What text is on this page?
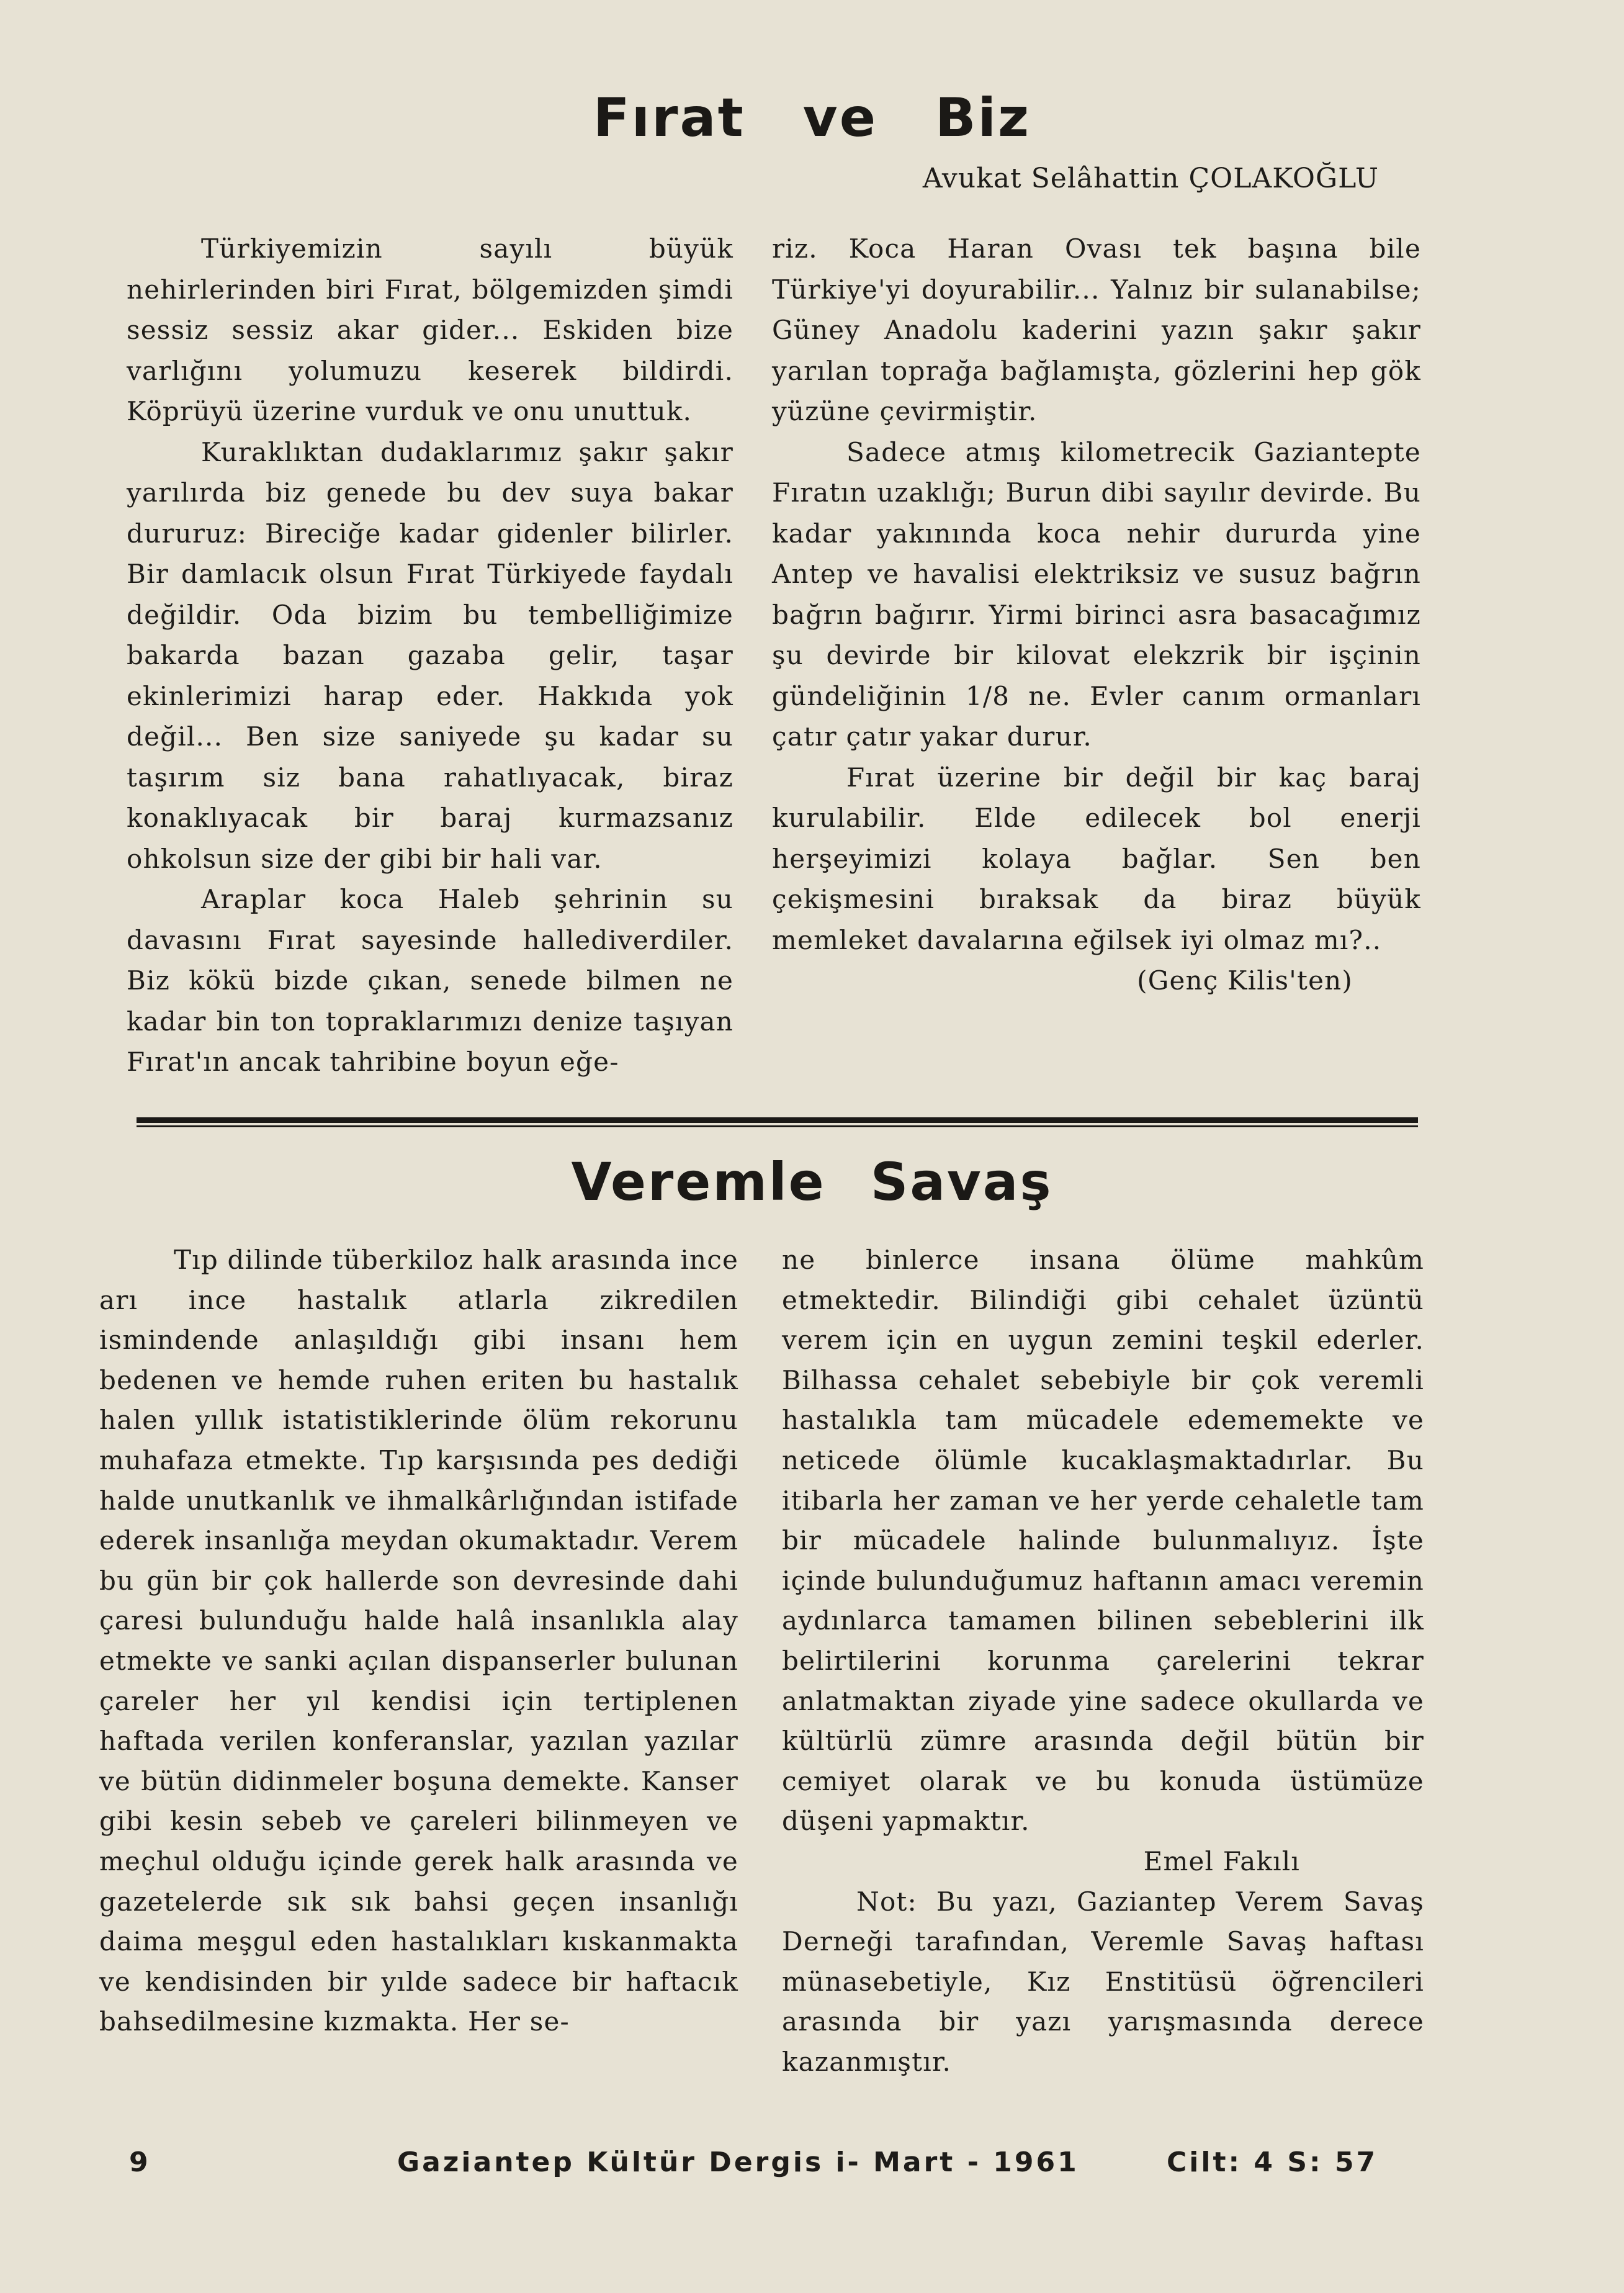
Fırat ve Biz
Avukat Selâhattin ÇOLAKOĞLU

Türkiyemizin sayılı büyük nehirlerinden biri Fırat, bölgemizden şimdi sessiz sessiz akar gider... Eskiden bize varlığını yolumuzu keserek bildirdi. Köprüyü üzerine vurduk ve onu unuttuk.

Kuraklıktan dudaklarımız şakır şakır yarılırda biz genede bu dev suya bakar dururuz: Bireciğe kadar gidenler bilirler. Bir damlacık olsun Fırat Türkiyede faydalı değildir. Oda bizim bu tembelliğimize bakarda bazan gazaba gelir, taşar ekinlerimizi harap eder. Hakkıda yok değil... Ben size saniyede şu kadar su taşırım siz bana rahatlıyacak, biraz konaklıyacak bir baraj kurmazsanız ohkolsun size der gibi bir hali var.

Araplar koca Haleb şehrinin su davasını Fırat sayesinde hallediverdiler. Biz kökü bizde çıkan, senede bilmen ne kadar bin ton topraklarımızı denize taşıyan Fırat'ın ancak tahribine boyun eğe-

riz. Koca Haran Ovası tek başına bile Türkiye'yi doyurabilir... Yalnız bir sulanabilse; Güney Anadolu kaderini yazın şakır şakır yarılan toprağa bağlamışta, gözlerini hep gök yüzüne çevirmiştir.

Sadece atmış kilometrecik Gaziantepte Fıratın uzaklığı; Burun dibi sayılır devirde. Bu kadar yakınında koca nehir dururda yine Antep ve havalisi elektriksiz ve susuz bağrın bağrın bağırır. Yirmi birinci asra basacağımız şu devirde bir kilovat elekzrik bir işçinin gündeliğinin 1/8 ne. Evler canım ormanları çatır çatır yakar durur.

Fırat üzerine bir değil bir kaç baraj kurulabilir. Elde edilecek bol enerji herşeyimizi kolaya bağlar. Sen ben çekişmesini bıraksak da biraz büyük memleket davalarına eğilsek iyi olmaz mı?..

(Genç Kilis'ten)

Veremle Savaş

Tıp dilinde tüberkiloz halk arasında ince arı ince hastalık atlarla zikredilen ismindende anlaşıldığı gibi insanı hem bedenen ve hemde ruhen eriten bu hastalık halen yıllık istatistiklerinde ölüm rekorunu muhafaza etmekte. Tıp karşısında pes dediği halde unutkanlık ve ihmalkârlığından istifade ederek insanlığa meydan okumaktadır. Verem bu gün bir çok hallerde son devresinde dahi çaresi bulunduğu halde halâ insanlıkla alay etmekte ve sanki açılan dispanserler bulunan çareler her yıl kendisi için tertiplenen haftada verilen konferanslar, yazılan yazılar ve bütün didinmeler boşuna demekte. Kanser gibi kesin sebeb ve çareleri bilinmeyen ve meçhul olduğu içinde gerek halk arasında ve gazetelerde sık sık bahsi geçen insanlığı daima meşgul eden hastalıkları kıskanmakta ve kendisinden bir yılde sadece bir haftacık bahsedilmesine kızmakta. Her se-

ne binlerce insana ölüme mahkûm etmektedir. Bilindiği gibi cehalet üzüntü verem için en uygun zemini teşkil ederler. Bilhassa cehalet sebebiyle bir çok veremli hastalıkla tam mücadele edememekte ve neticede ölümle kucaklaşmaktadırlar. Bu itibarla her zaman ve her yerde cehaletle tam bir mücadele halinde bulunmalıyız. İşte içinde bulunduğumuz haftanın amacı veremin aydınlarca tamamen bilinen sebeblerini ilk belirtilerini korunma çarelerini tekrar anlatmaktan ziyade yine sadece okullarda ve kültürlü zümre arasında değil bütün bir cemiyet olarak ve bu konuda üstümüze düşeni yapmaktır.

Emel Fakılı

Not: Bu yazı, Gaziantep Verem Savaş Derneği tarafından, Veremle Savaş haftası münasebetiyle, Kız Enstitüsü öğrencileri arasında bir yazı yarışmasında derece kazanmıştır.

9	Gaziantep Kültür Dergis i- Mart - 1961	Cilt: 4 S: 57
